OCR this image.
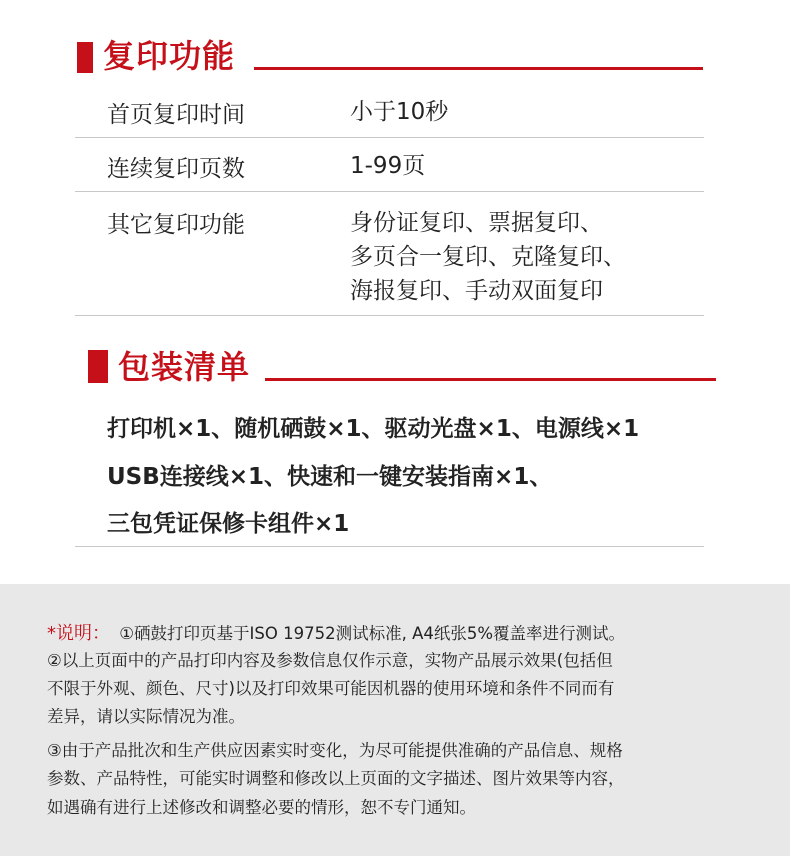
复印功能
首页复印时间	小于10秒
连续复印页数	1-99页
其它复印功能	身份证复印、票据复印、
多页合一复印、克隆复印、
海报复印、手动双面复印
包装清单
打印机×1、随机硒鼓×1、驱动光盘×1、电源线×1
USB连接线×1、快速和一键安装指南×1、
三包凭证保修卡组件×1
*说明： ①硒鼓打印页基于ISO 19752测试标准, A4纸张5%覆盖率进行测试。
②以上页面中的产品打印内容及参数信息仅作示意，实物产品展示效果(包括但
不限于外观、颜色、尺寸)以及打印效果可能因机器的使用环境和条件不同而有
差异，请以实际情况为准。
③由于产品批次和生产供应因素实时变化，为尽可能提供准确的产品信息、规格
参数、产品特性，可能实时调整和修改以上页面的文字描述、图片效果等内容，
如遇确有进行上述修改和调整必要的情形，恕不专门通知。
